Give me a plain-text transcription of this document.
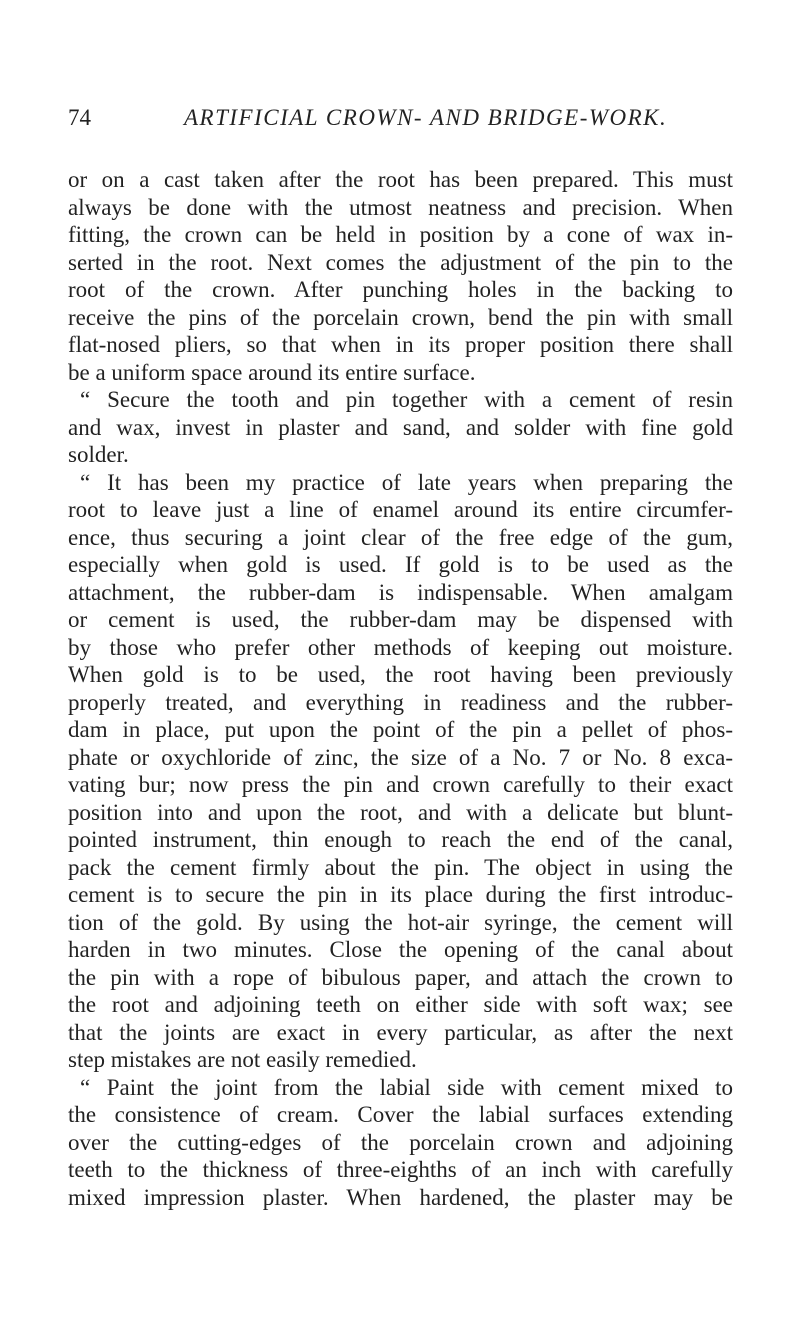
74	ARTIFICIAL CROWN- AND BRIDGE-WORK.
or on a cast taken after the root has been prepared. This must
always be done with the utmost neatness and precision. When
fitting, the crown can be held in position by a cone of wax in-
serted in the root. Next comes the adjustment of the pin to the
root of the crown. After punching holes in the backing to
receive the pins of the porcelain crown, bend the pin with small
flat-nosed pliers, so that when in its proper position there shall
be a uniform space around its entire surface.
“ Secure the tooth and pin together with a cement of resin
and wax, invest in plaster and sand, and solder with fine gold
solder.
“ It has been my practice of late years when preparing the
root to leave just a line of enamel around its entire circumfer-
ence, thus securing a joint clear of the free edge of the gum,
especially when gold is used. If gold is to be used as the
attachment, the rubber-dam is indispensable. When amalgam
or cement is used, the rubber-dam may be dispensed with
by those who prefer other methods of keeping out moisture.
When gold is to be used, the root having been previously
properly treated, and everything in readiness and the rubber-
dam in place, put upon the point of the pin a pellet of phos-
phate or oxychloride of zinc, the size of a No. 7 or No. 8 exca-
vating bur; now press the pin and crown carefully to their exact
position into and upon the root, and with a delicate but blunt-
pointed instrument, thin enough to reach the end of the canal,
pack the cement firmly about the pin. The object in using the
cement is to secure the pin in its place during the first introduc-
tion of the gold. By using the hot-air syringe, the cement will
harden in two minutes. Close the opening of the canal about
the pin with a rope of bibulous paper, and attach the crown to
the root and adjoining teeth on either side with soft wax; see
that the joints are exact in every particular, as after the next
step mistakes are not easily remedied.
“ Paint the joint from the labial side with cement mixed to
the consistence of cream. Cover the labial surfaces extending
over the cutting-edges of the porcelain crown and adjoining
teeth to the thickness of three-eighths of an inch with carefully
mixed impression plaster. When hardened, the plaster may be
